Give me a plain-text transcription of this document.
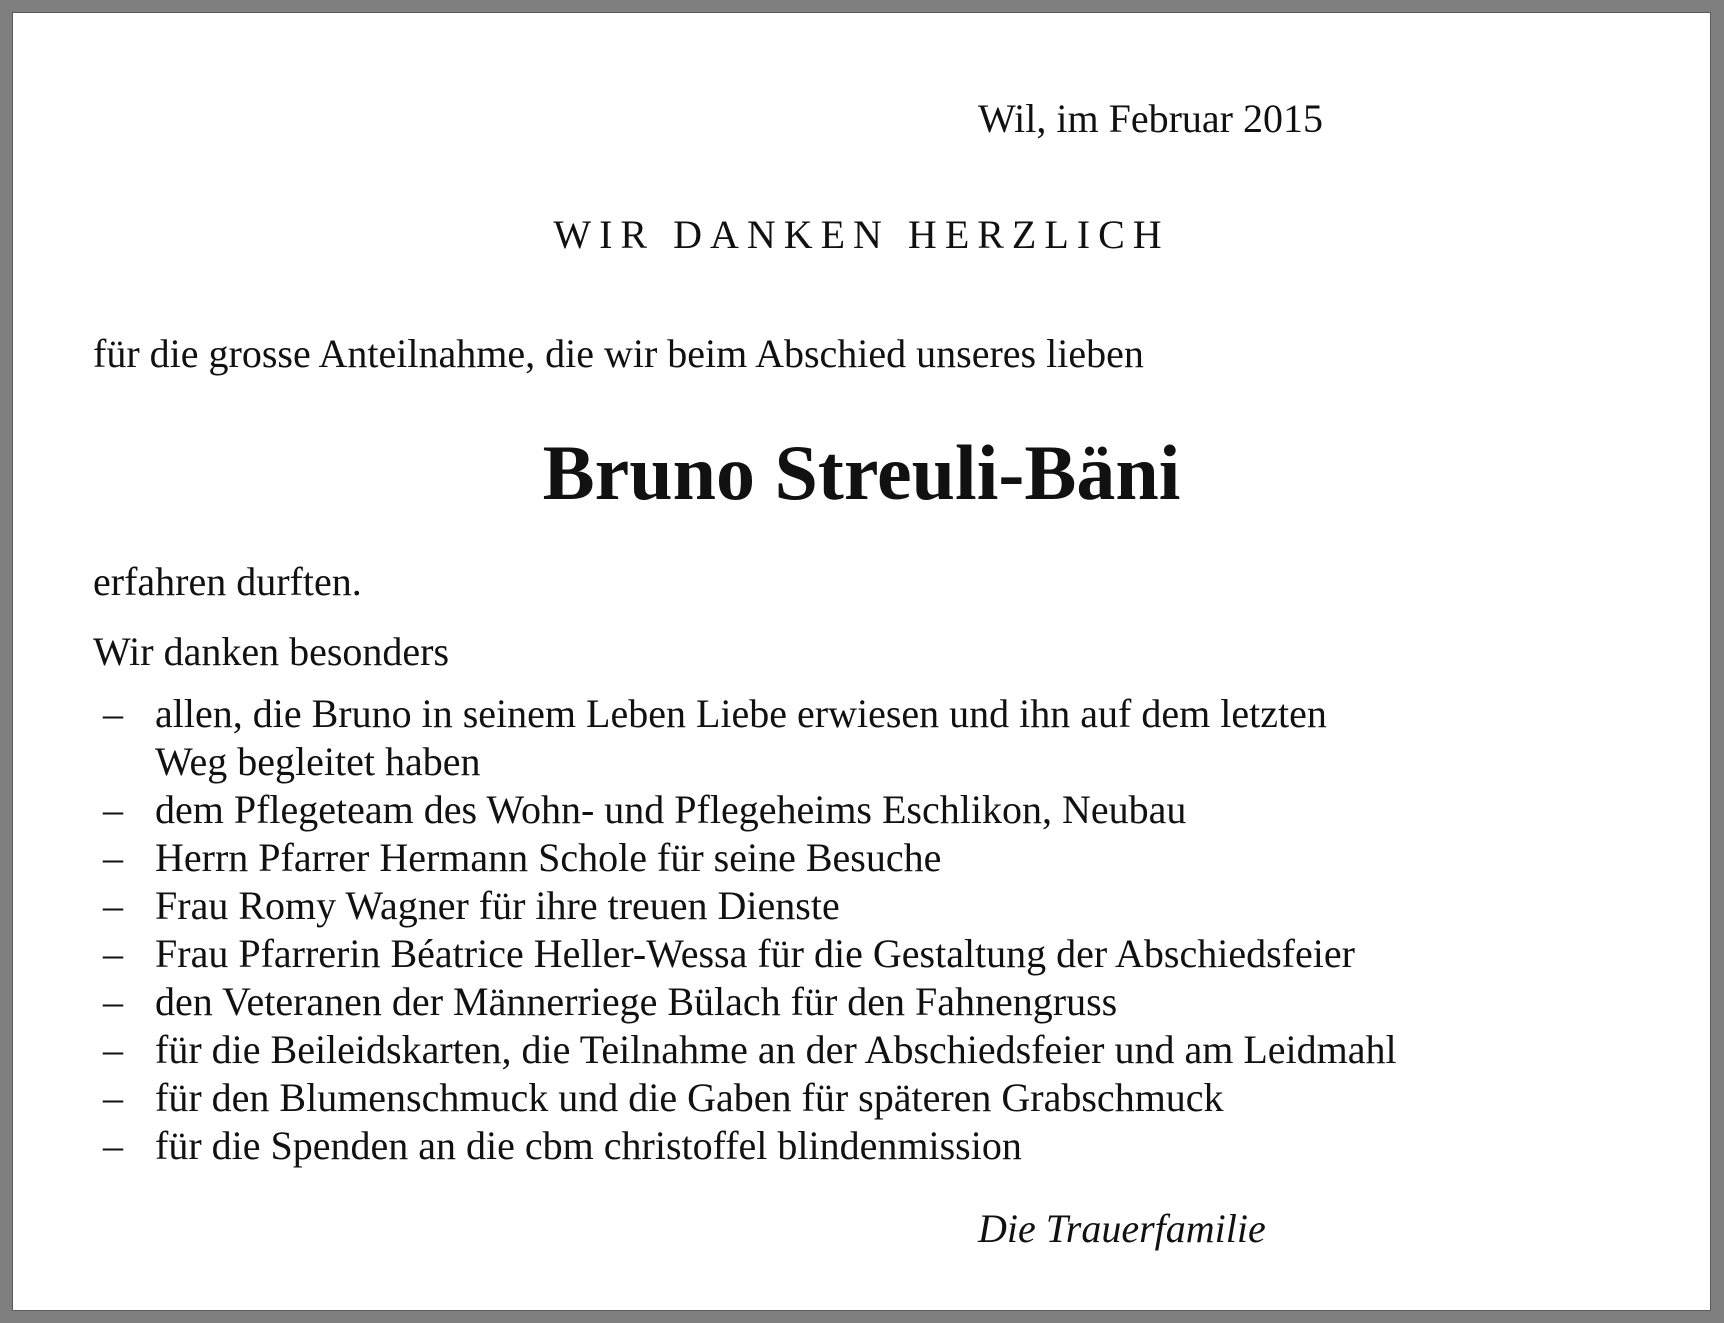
Wil, im Februar 2015
WIR DANKEN HERZLICH
für die grosse Anteilnahme, die wir beim Abschied unseres lieben
Bruno Streuli-Bäni
erfahren durften.
Wir danken besonders
– allen, die Bruno in seinem Leben Liebe erwiesen und ihn auf dem letzten
Weg begleitet haben
– dem Pflegeteam des Wohn- und Pflegeheims Eschlikon, Neubau
– Herrn Pfarrer Hermann Schole für seine Besuche
– Frau Romy Wagner für ihre treuen Dienste
– Frau Pfarrerin Béatrice Heller-Wessa für die Gestaltung der Abschiedsfeier
– den Veteranen der Männerriege Bülach für den Fahnengruss
– für die Beileidskarten, die Teilnahme an der Abschiedsfeier und am Leidmahl
– für den Blumenschmuck und die Gaben für späteren Grabschmuck
– für die Spenden an die cbm christoffel blindenmission
Die Trauerfamilie
